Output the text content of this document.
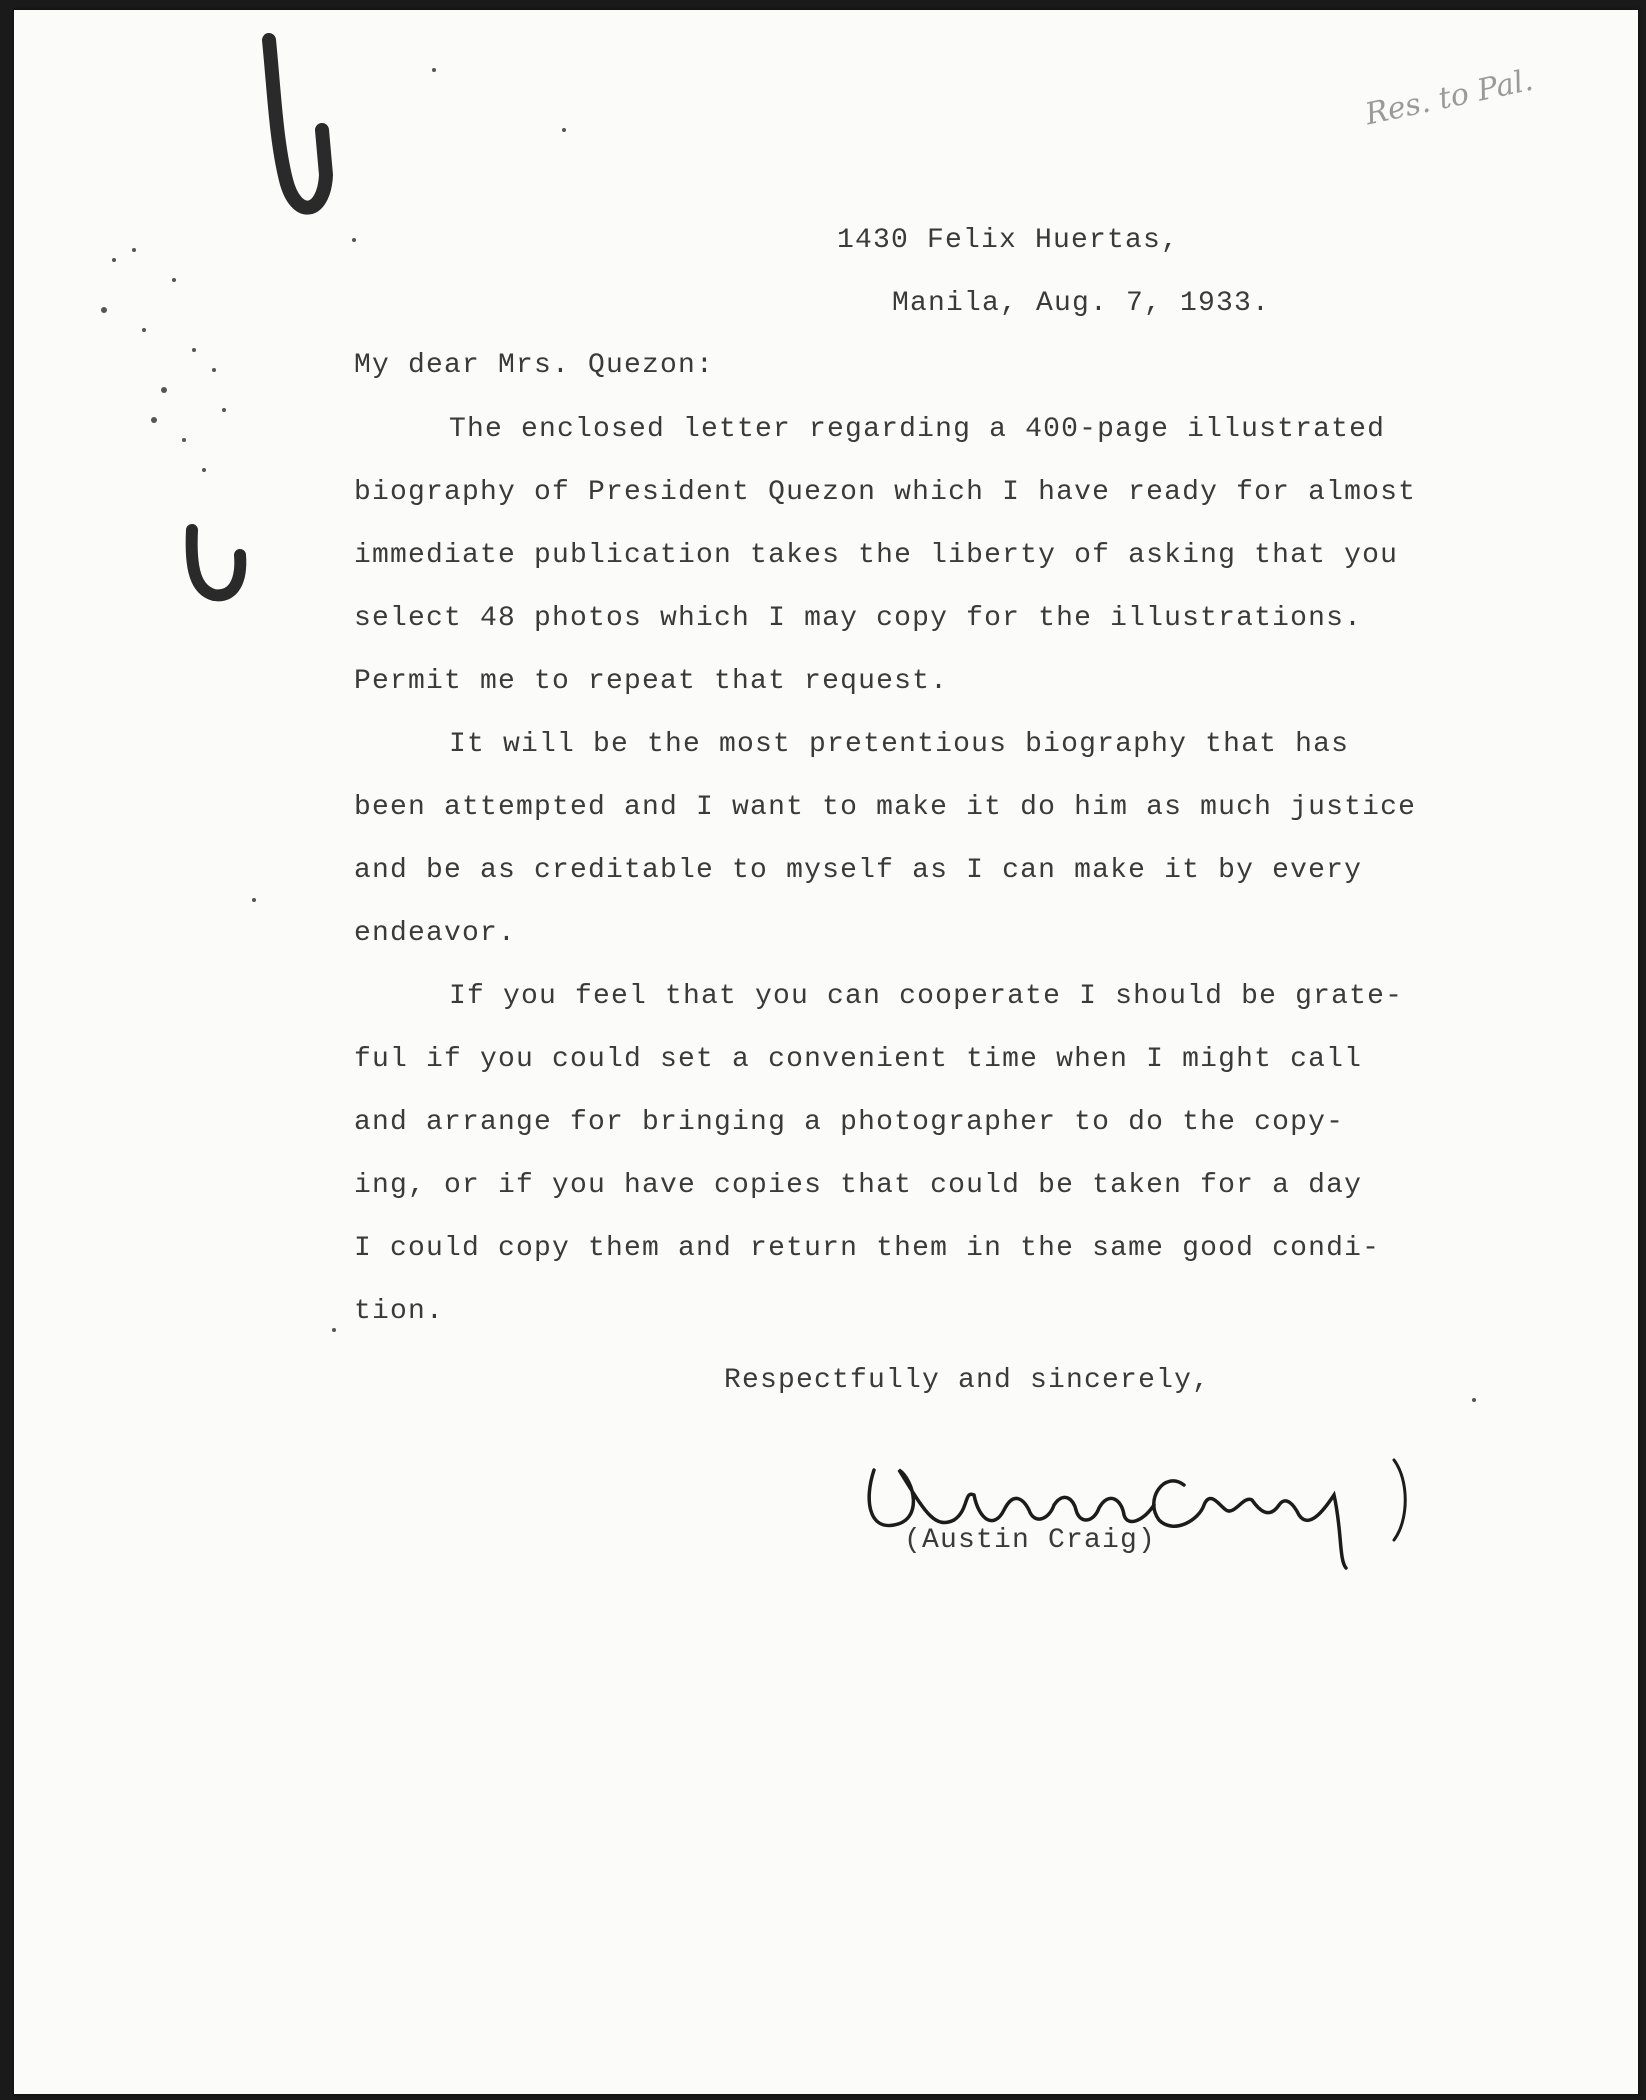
Res. to Pal.

1430 Felix Huertas,

Manila, Aug. 7, 1933.

My dear Mrs. Quezon:

The enclosed letter regarding a 400-page illustrated
biography of President Quezon which I have ready for almost
immediate publication takes the liberty of asking that you
select 48 photos which I may copy for the illustrations.
Permit me to repeat that request.
It will be the most pretentious biography that has
been attempted and I want to make it do him as much justice
and be as creditable to myself as I can make it by every
endeavor.
If you feel that you can cooperate I should be grate-
ful if you could set a convenient time when I might call
and arrange for bringing a photographer to do the copy-
ing, or if you have copies that could be taken for a day
I could copy them and return them in the same good condi-
tion.

Respectfully and sincerely,

(Austin Craig)
